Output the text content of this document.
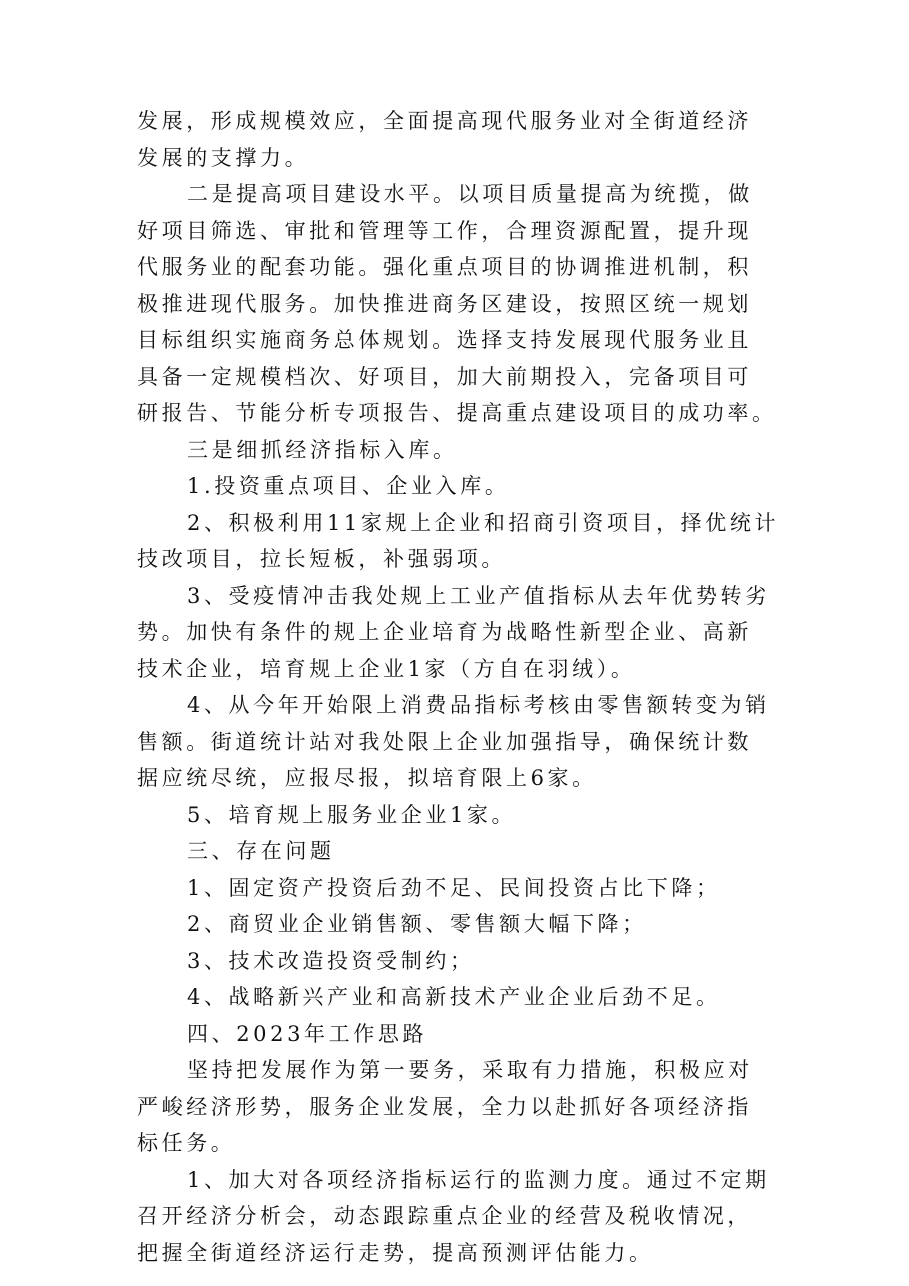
发展，形成规模效应，全面提高现代服务业对全街道经济
发展的支撑力。
二是提高项目建设水平。以项目质量提高为统揽，做
好项目筛选、审批和管理等工作，合理资源配置，提升现
代服务业的配套功能。强化重点项目的协调推进机制，积
极推进现代服务。加快推进商务区建设，按照区统一规划
目标组织实施商务总体规划。选择支持发展现代服务业且
具备一定规模档次、好项目，加大前期投入，完备项目可
研报告、节能分析专项报告、提高重点建设项目的成功率。
三是细抓经济指标入库。
1.投资重点项目、企业入库。
2、积极利用11家规上企业和招商引资项目，择优统计
技改项目，拉长短板，补强弱项。
3、受疫情冲击我处规上工业产值指标从去年优势转劣
势。加快有条件的规上企业培育为战略性新型企业、高新
技术企业，培育规上企业1家（方自在羽绒）。
4、从今年开始限上消费品指标考核由零售额转变为销
售额。街道统计站对我处限上企业加强指导，确保统计数
据应统尽统，应报尽报，拟培育限上6家。
5、培育规上服务业企业1家。
三、存在问题
1、固定资产投资后劲不足、民间投资占比下降；
2、商贸业企业销售额、零售额大幅下降；
3、技术改造投资受制约；
4、战略新兴产业和高新技术产业企业后劲不足。
四、2023年工作思路
坚持把发展作为第一要务，采取有力措施，积极应对
严峻经济形势，服务企业发展，全力以赴抓好各项经济指
标任务。
1、加大对各项经济指标运行的监测力度。通过不定期
召开经济分析会，动态跟踪重点企业的经营及税收情况，
把握全街道经济运行走势，提高预测评估能力。
